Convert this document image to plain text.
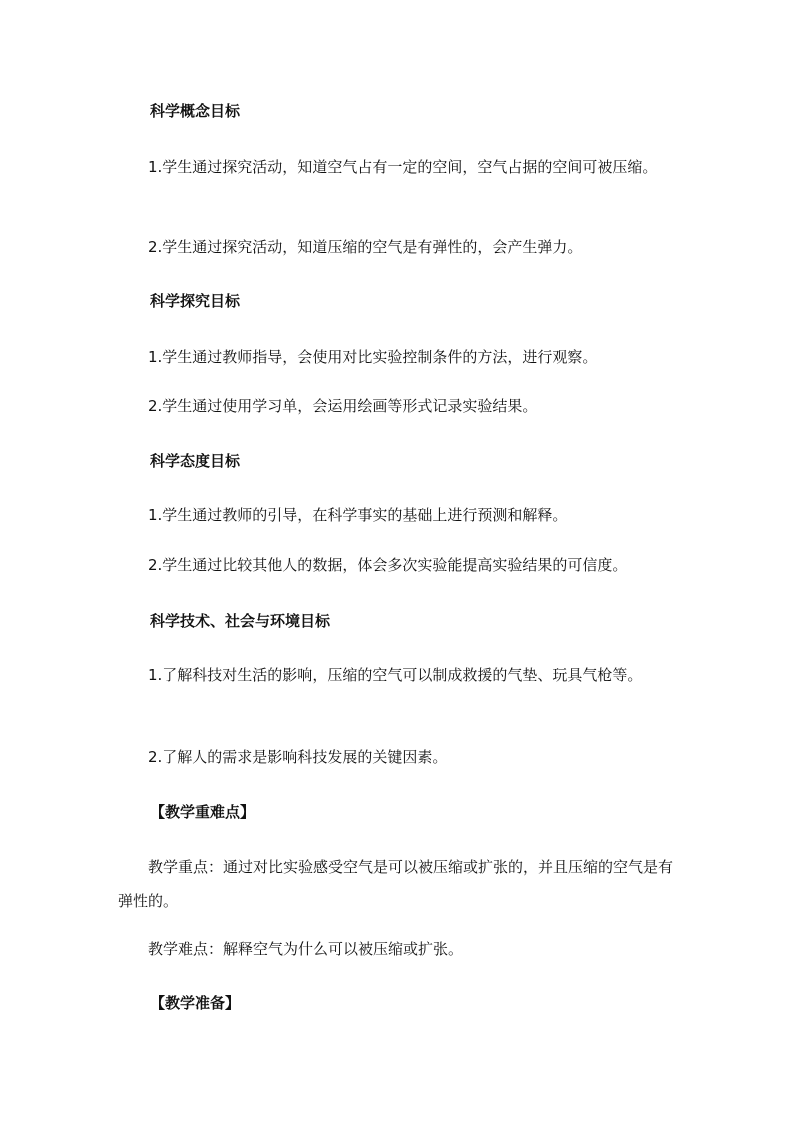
科学概念目标
1.学生通过探究活动，知道空气占有一定的空间，空气占据的空间可被压缩。
2.学生通过探究活动，知道压缩的空气是有弹性的，会产生弹力。
科学探究目标
1.学生通过教师指导，会使用对比实验控制条件的方法，进行观察。
2.学生通过使用学习单，会运用绘画等形式记录实验结果。
科学态度目标
1.学生通过教师的引导，在科学事实的基础上进行预测和解释。
2.学生通过比较其他人的数据，体会多次实验能提高实验结果的可信度。
科学技术、社会与环境目标
1.了解科技对生活的影响，压缩的空气可以制成救援的气垫、玩具气枪等。
2.了解人的需求是影响科技发展的关键因素。
【教学重难点】
教学重点：通过对比实验感受空气是可以被压缩或扩张的，并且压缩的空气是有弹性的。
教学难点：解释空气为什么可以被压缩或扩张。
【教学准备】
